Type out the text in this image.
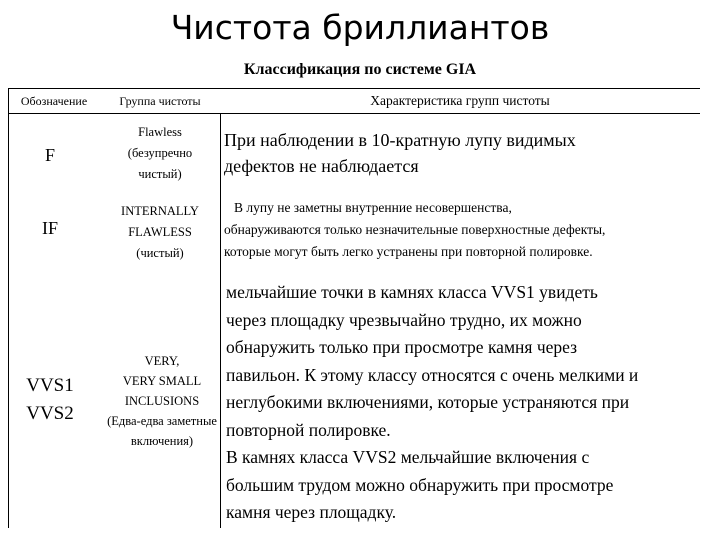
Чистота бриллиантов
Классификация по системе GIA
Обозначение	Группа чистоты	Характеристика групп чистоты
F
Flawless
(безупречно
чистый)
При наблюдении в 10-кратную лупу видимых
дефектов не наблюдается
IF
INTERNALLY
FLAWLESS
(чистый)
В лупу не заметны внутренние несовершенства,
обнаруживаются только незначительные поверхностные дефекты,
которые могут быть легко устранены при повторной полировке.
VVS1
VVS2
VERY,
VERY SMALL
INCLUSIONS
(Едва-едва заметные
включения)
мельчайшие точки в камнях класса VVS1 увидеть
через площадку чрезвычайно трудно, их можно
обнаружить только при просмотре камня через
павильон. К этому классу относятся с очень мелкими и
неглубокими включениями, которые устраняются при
повторной полировке.
В камнях класса VVS2 мельчайшие включения с
большим трудом можно обнаружить при просмотре
камня через площадку.
